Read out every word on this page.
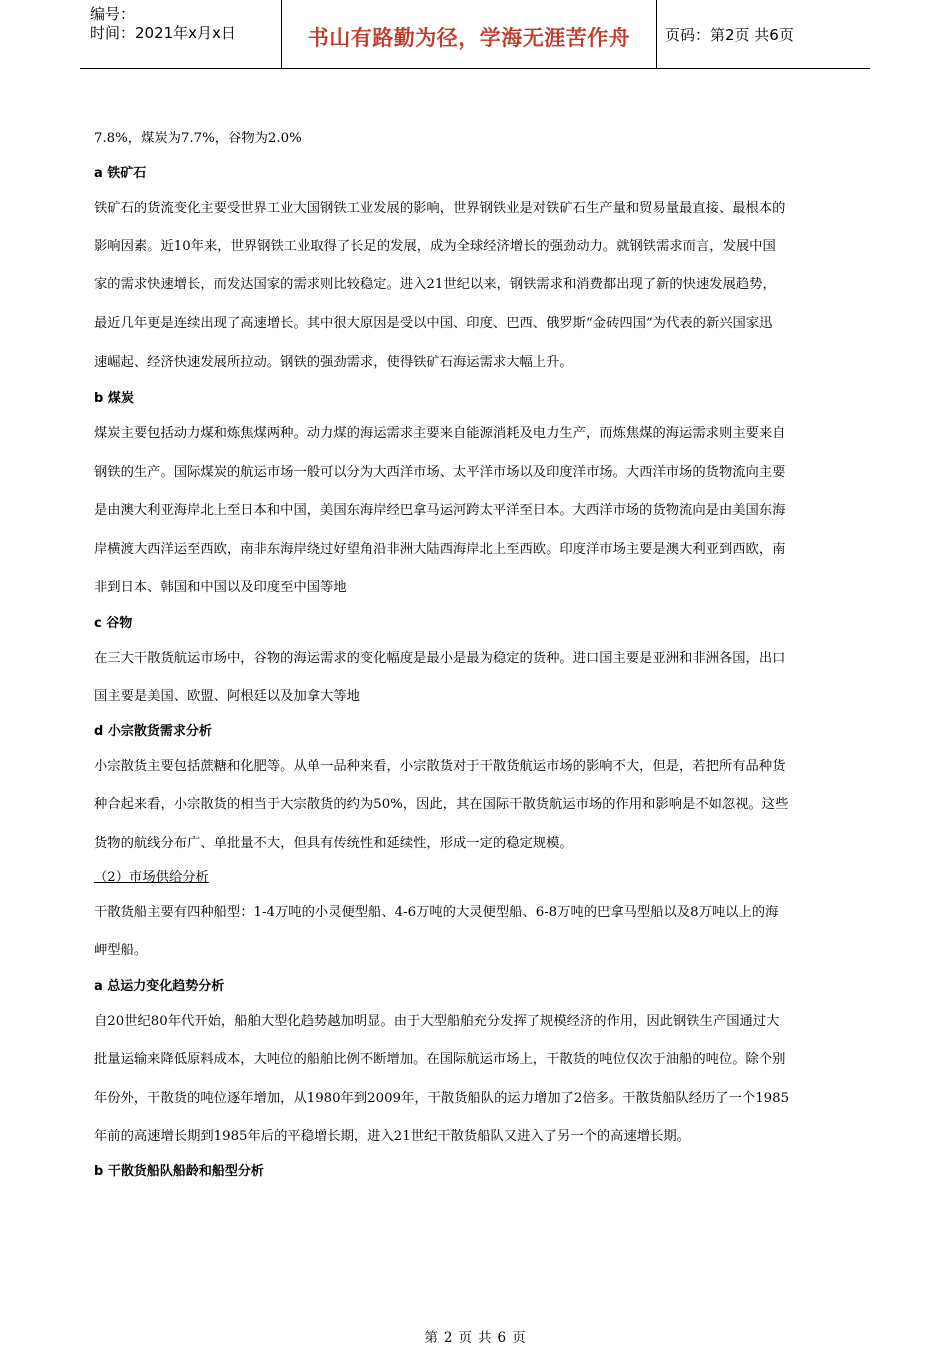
编号：
时间：2021年x月x日	书山有路勤为径，学海无涯苦作舟	页码：第2页 共6页
7.8%，煤炭为7.7%，谷物为2.0%
a 铁矿石
铁矿石的货流变化主要受世界工业大国钢铁工业发展的影响，世界钢铁业是对铁矿石生产量和贸易量最直接、最根本的
影响因素。近10年来，世界钢铁工业取得了长足的发展，成为全球经济增长的强劲动力。就钢铁需求而言，发展中国
家的需求快速增长，而发达国家的需求则比较稳定。进入21世纪以来，钢铁需求和消费都出现了新的快速发展趋势，
最近几年更是连续出现了高速增长。其中很大原因是受以中国、印度、巴西、俄罗斯“金砖四国”为代表的新兴国家迅
速崛起、经济快速发展所拉动。钢铁的强劲需求，使得铁矿石海运需求大幅上升。
b 煤炭
煤炭主要包括动力煤和炼焦煤两种。动力煤的海运需求主要来自能源消耗及电力生产，而炼焦煤的海运需求则主要来自
钢铁的生产。国际煤炭的航运市场一般可以分为大西洋市场、太平洋市场以及印度洋市场。大西洋市场的货物流向主要
是由澳大利亚海岸北上至日本和中国，美国东海岸经巴拿马运河跨太平洋至日本。大西洋市场的货物流向是由美国东海
岸横渡大西洋运至西欧，南非东海岸绕过好望角沿非洲大陆西海岸北上至西欧。印度洋市场主要是澳大利亚到西欧，南
非到日本、韩国和中国以及印度至中国等地
c 谷物
在三大干散货航运市场中，谷物的海运需求的变化幅度是最小是最为稳定的货种。进口国主要是亚洲和非洲各国，出口
国主要是美国、欧盟、阿根廷以及加拿大等地
d 小宗散货需求分析
小宗散货主要包括蔗糖和化肥等。从单一品种来看，小宗散货对于干散货航运市场的影响不大，但是，若把所有品种货
种合起来看，小宗散货的相当于大宗散货的约为50%，因此，其在国际干散货航运市场的作用和影响是不如忽视。这些
货物的航线分布广、单批量不大，但具有传统性和延续性，形成一定的稳定规模。
（2）市场供给分析
干散货船主要有四种船型：1-4万吨的小灵便型船、4-6万吨的大灵便型船、6-8万吨的巴拿马型船以及8万吨以上的海
岬型船。
a 总运力变化趋势分析
自20世纪80年代开始，船舶大型化趋势越加明显。由于大型船舶充分发挥了规模经济的作用，因此钢铁生产国通过大
批量运输来降低原料成本，大吨位的船舶比例不断增加。在国际航运市场上，干散货的吨位仅次于油船的吨位。除个别
年份外，干散货的吨位逐年增加，从1980年到2009年，干散货船队的运力增加了2倍多。干散货船队经历了一个1985
年前的高速增长期到1985年后的平稳增长期，进入21世纪干散货船队又进入了另一个的高速增长期。
b 干散货船队船龄和船型分析
第 2 页 共 6 页
